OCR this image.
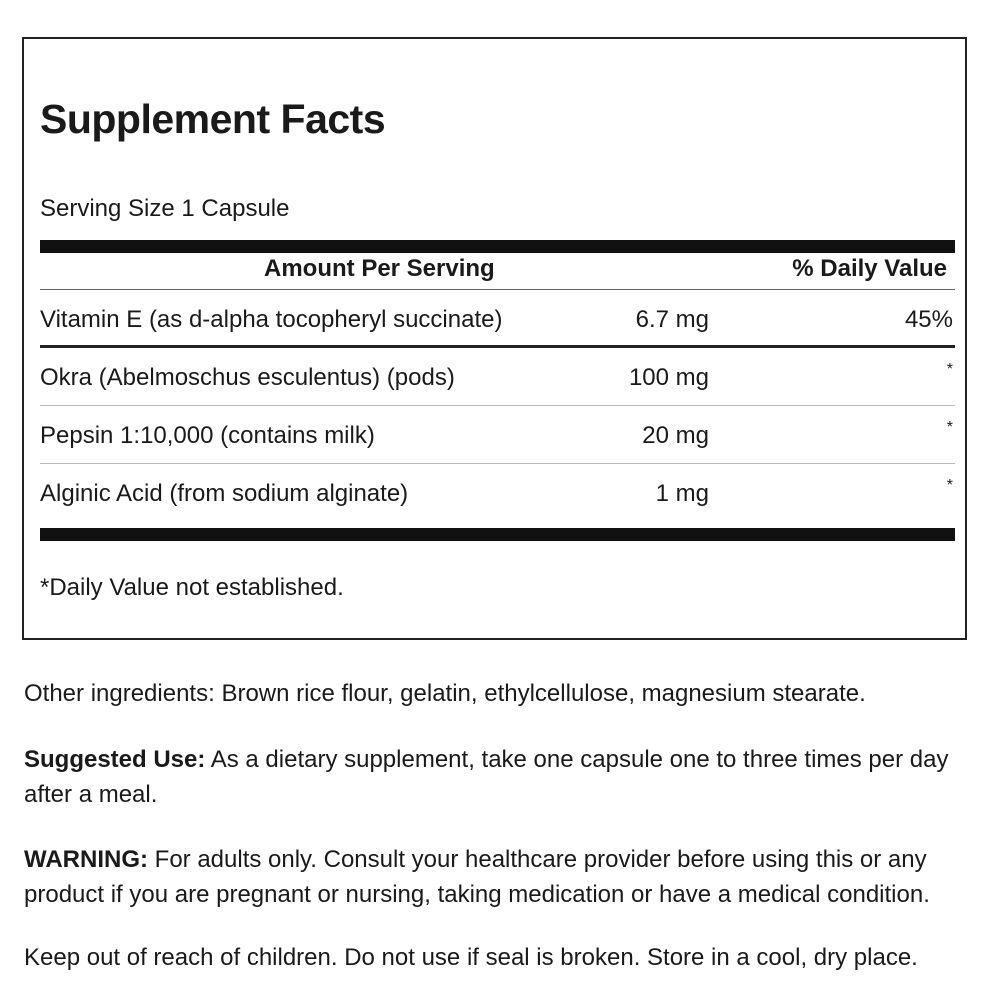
Supplement Facts
Serving Size 1 Capsule
Amount Per Serving	% Daily Value
Vitamin E (as d-alpha tocopheryl succinate)	6.7 mg	45%
Okra (Abelmoschus esculentus) (pods)	100 mg	*
Pepsin 1:10,000 (contains milk)	20 mg	*
Alginic Acid (from sodium alginate)	1 mg	*
*Daily Value not established.

Other ingredients: Brown rice flour, gelatin, ethylcellulose, magnesium stearate.

Suggested Use: As a dietary supplement, take one capsule one to three times per day after a meal.

WARNING: For adults only. Consult your healthcare provider before using this or any product if you are pregnant or nursing, taking medication or have a medical condition.

Keep out of reach of children. Do not use if seal is broken. Store in a cool, dry place.
